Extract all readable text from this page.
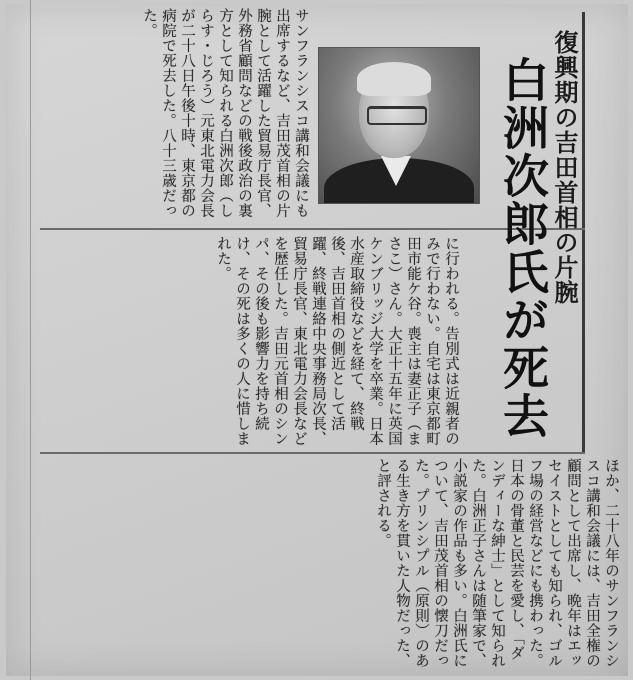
復興期の吉田首相の片腕
白洲次郎氏が死去
サンフランシスコ講和会議にも出席するなど、吉田茂首相の片腕として活躍した貿易庁長官、外務省顧問などの戦後政治の裏方として知られる白洲次郎（しらす・じろう）元東北電力会長が二十八日午後十時、東京都の病院で死去した。八十三歳だった。
に行われる。告別式は近親者のみで行わない。自宅は東京都町田市能ケ谷。喪主は妻正子（まさこ）さん。大正十五年に英国ケンブリッジ大学を卒業。日本水産取締役などを経て、終戦後、吉田首相の側近として活躍、終戦連絡中央事務局次長、貿易庁長官、東北電力会長などを歴任した。吉田元首相のシンパ、その後も影響力を持ち続け、その死は多くの人に惜しまれた。
ほか、二十八年のサンフランシスコ講和会議には、吉田全権の顧問として出席し、晩年はエッセイストとしても知られ、ゴルフ場の経営などにも携わった。日本の骨董と民芸を愛し、「ダンディーな紳士」として知られた。白洲正子さんは随筆家で、小説家の作品も多い。白洲氏について、吉田茂首相の懐刀だった。プリンシプル（原則）のある生き方を貫いた人物だった、と評される。
